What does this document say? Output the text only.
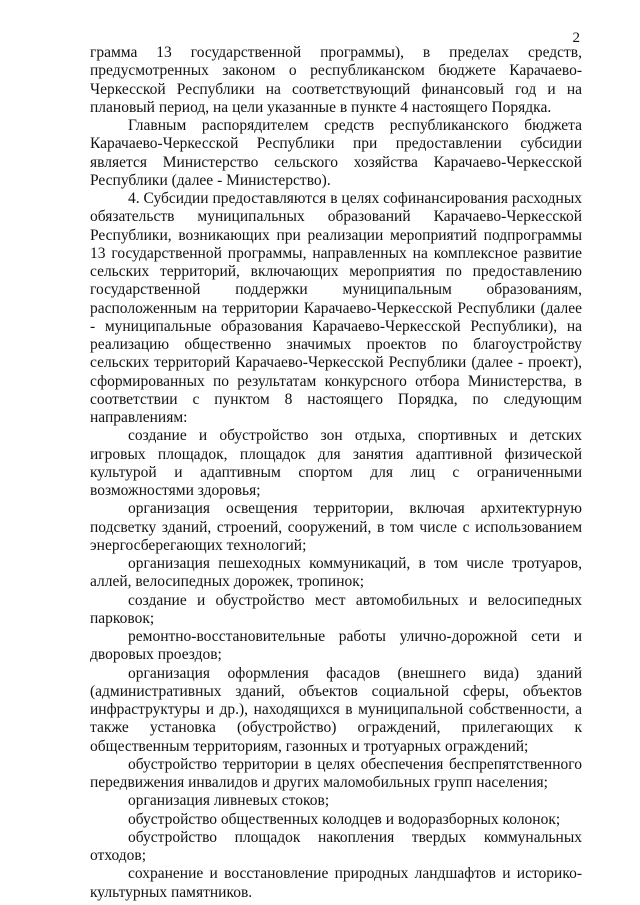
2

грамма 13 государственной программы), в пределах средств, предусмотренных законом о республиканском бюджете Карачаево-Черкесской Республики на соответствующий финансовый год и на плановый период, на цели указанные в пункте 4 настоящего Порядка.

Главным распорядителем средств республиканского бюджета Карачаево-Черкесской Республики при предоставлении субсидии является Министерство сельского хозяйства Карачаево-Черкесской Республики (далее - Министерство).

4. Субсидии предоставляются в целях софинансирования расходных обязательств муниципальных образований Карачаево-Черкесской Республики, возникающих при реализации мероприятий подпрограммы 13 государственной программы, направленных на комплексное развитие сельских территорий, включающих мероприятия по предоставлению государственной поддержки муниципальным образованиям, расположенным на территории Карачаево-Черкесской Республики (далее - муниципальные образования Карачаево-Черкесской Республики), на реализацию общественно значимых проектов по благоустройству сельских территорий Карачаево-Черкесской Республики (далее - проект), сформированных по результатам конкурсного отбора Министерства, в соответствии с пунктом 8 настоящего Порядка, по следующим направлениям:

создание и обустройство зон отдыха, спортивных и детских игровых площадок, площадок для занятия адаптивной физической культурой и адаптивным спортом для лиц с ограниченными возможностями здоровья;

организация освещения территории, включая архитектурную подсветку зданий, строений, сооружений, в том числе с использованием энергосберегающих технологий;

организация пешеходных коммуникаций, в том числе тротуаров, аллей, велосипедных дорожек, тропинок;

создание и обустройство мест автомобильных и велосипедных парковок;

ремонтно-восстановительные работы улично-дорожной сети и дворовых проездов;

организация оформления фасадов (внешнего вида) зданий (административных зданий, объектов социальной сферы, объектов инфраструктуры и др.), находящихся в муниципальной собственности, а также установка (обустройство) ограждений, прилегающих к общественным территориям, газонных и тротуарных ограждений;

обустройство территории в целях обеспечения беспрепятственного передвижения инвалидов и других маломобильных групп населения;

организация ливневых стоков;

обустройство общественных колодцев и водоразборных колонок;

обустройство площадок накопления твердых коммунальных отходов;

сохранение и восстановление природных ландшафтов и историко-культурных памятников.
